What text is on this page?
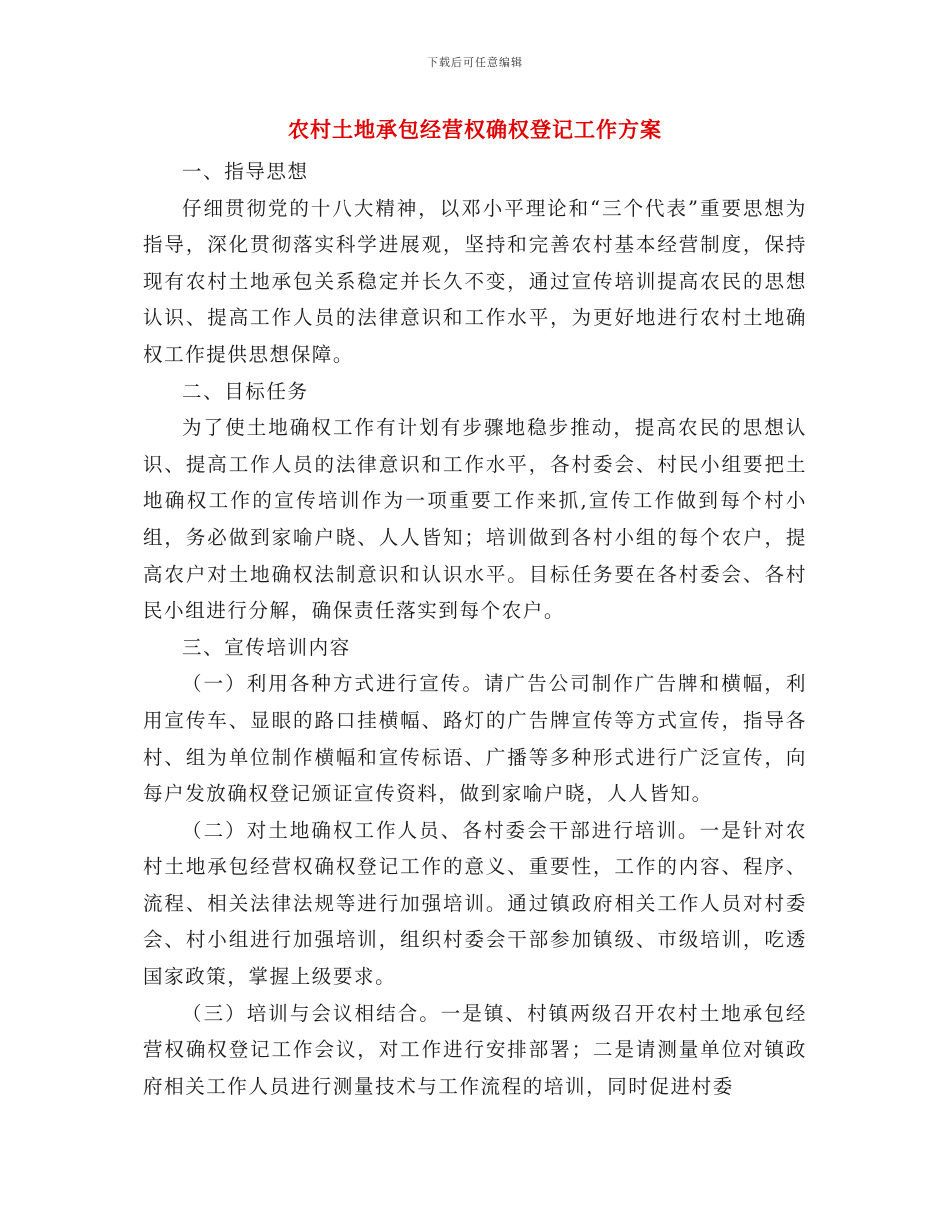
下载后可任意编辑
农村土地承包经营权确权登记工作方案

一、指导思想

仔细贯彻党的十八大精神，以邓小平理论和“三个代表”重要思想为指导，深化贯彻落实科学进展观，坚持和完善农村基本经营制度，保持现有农村土地承包关系稳定并长久不变，通过宣传培训提高农民的思想认识、提高工作人员的法律意识和工作水平，为更好地进行农村土地确权工作提供思想保障。

二、目标任务

为了使土地确权工作有计划有步骤地稳步推动，提高农民的思想认识、提高工作人员的法律意识和工作水平，各村委会、村民小组要把土地确权工作的宣传培训作为一项重要工作来抓,宣传工作做到每个村小组，务必做到家喻户晓、人人皆知；培训做到各村小组的每个农户，提高农户对土地确权法制意识和认识水平。目标任务要在各村委会、各村民小组进行分解，确保责任落实到每个农户。

三、宣传培训内容

（一）利用各种方式进行宣传。请广告公司制作广告牌和横幅，利用宣传车、显眼的路口挂横幅、路灯的广告牌宣传等方式宣传，指导各村、组为单位制作横幅和宣传标语、广播等多种形式进行广泛宣传，向每户发放确权登记颁证宣传资料，做到家喻户晓，人人皆知。

（二）对土地确权工作人员、各村委会干部进行培训。一是针对农村土地承包经营权确权登记工作的意义、重要性，工作的内容、程序、流程、相关法律法规等进行加强培训。通过镇政府相关工作人员对村委会、村小组进行加强培训，组织村委会干部参加镇级、市级培训，吃透国家政策，掌握上级要求。

（三）培训与会议相结合。一是镇、村镇两级召开农村土地承包经营权确权登记工作会议，对工作进行安排部署；二是请测量单位对镇政府相关工作人员进行测量技术与工作流程的培训，同时促进村委
